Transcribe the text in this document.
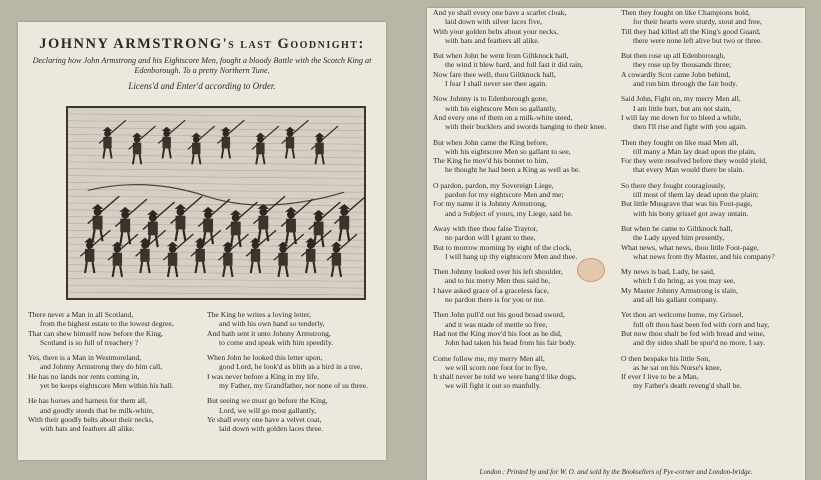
JOHNNY ARMSTRONG's last Goodnight:
Declaring how John Armstrong and his Eightscore Men, fought a bloody Battle with the Scotch King at Edenborough. To a pretty Northern Tune.
Licens'd and Enter'd according to Order.
There never a Man in all Scotland,
from the highest estate to the lowest degree,
That can shew himself now before the King,
Scotland is so full of treachery ?
Yes, there is a Man in Westmoreland,
and Johnny Armstrong they do him call,
He has no lands nor rents coming in,
yet he keeps eightscore Men within his hall.
He has horses and harness for them all,
and goodly steeds that be milk-white,
With their goodly belts about their necks,
with hats and feathers all alike.
The King he writes a loving letter,
and with his own hand so tenderly,
And hath sent it unto Johnny Armstrong,
to come and speak with him speedily.
When John he looked this letter upon,
good Lord, he look'd as blith as a bird in a tree,
I was never before a King in my life,
my Father, my Grandfather, nor none of us three.
But seeing we must go before the King,
Lord, we will go most gallantly,
Ye shall every one have a velvet coat,
laid down with golden laces three.
And ye shall every one have a scarlet cloak,
laid down with silver laces five,
With your golden belts about your necks,
with hats and feathers all alike.
But when John he went from Giltknock hall,
the wind it blew hard, and full fast it did rain,
Now fare thee well, thou Giltknock hall,
I fear I shall never see thee again.
Now Johnny is to Edenborough gone,
with his eightscore Men so gallantly,
And every one of them on a milk-white steed,
with their bucklers and swords hanging to their knee.
But when John came the King before,
with his eightscore Men so gallant to see,
The King he mov'd his bonnet to him,
he thought he had been a King as well as he.
O pardon, pardon, my Sovereign Liege,
pardon for my eightscore Men and me;
For my name it is Johnny Armstrong,
and a Subject of yours, my Liege, said he.
Away with thee thou false Traytor,
no pardon will I grant to thee,
But to morrow morning by eight of the clock,
I will hang up thy eightscore Men and thee.
Then Johnny looked over his left shoulder,
and to his merry Men thus said he,
I have asked grace of a graceless face,
no pardon there is for you or me.
Then John pull'd out his good broad sword,
and it was made of mettle so free,
Had not the King mov'd his foot as he did,
John had taken his head from his fair body.
Come follow me, my merry Men all,
we will scorn one foot for to flye,
It shall never be told we were hang'd like dogs,
we will fight it out so manfully.
Then they fought on like Champions bold,
for their hearts were sturdy, stout and free,
Till they had killed all the King's good Guard,
there were none left alive but two or three.
But then rose up all Edenborough,
they rose up by thousands three;
A cowardly Scot came John behind,
and run him through the fair body.
Said John, Fight on, my merry Men all,
I am little hurt, but am not slain,
I will lay me down for to bleed a while,
then I'll rise and fight with you again.
Then they fought on like mad Men all,
till many a Man lay dead upon the plain,
For they were resolved before they would yield,
that every Man would there be slain.
So there they fought couragiously,
till most of them lay dead upon the plain;
But little Musgrave that was his Foot-page,
with his bony grissel got away untain.
But when he came to Giltknock hall,
the Lady spyed him presently,
What news, what news, thou little Foot-page,
what news from thy Master, and his company?
My news is bad, Lady, he said,
which I do bring, as you may see,
My Master Johnny Armstrong is slain,
and all his gallant company.
Yet thou art welcome home, my Grissel,
full oft thou hast been fed with corn and hay,
But now thou shalt be fed with bread and wine,
and thy sides shall be spur'd no more, I say.
O then bespake his little Son,
as he sat on his Nurse's knee,
If ever I live to be a Man,
my Father's death reveng'd shall be.
London : Printed by and for W. O. and sold by the Booksellers of Pye-corner and London-bridge.
